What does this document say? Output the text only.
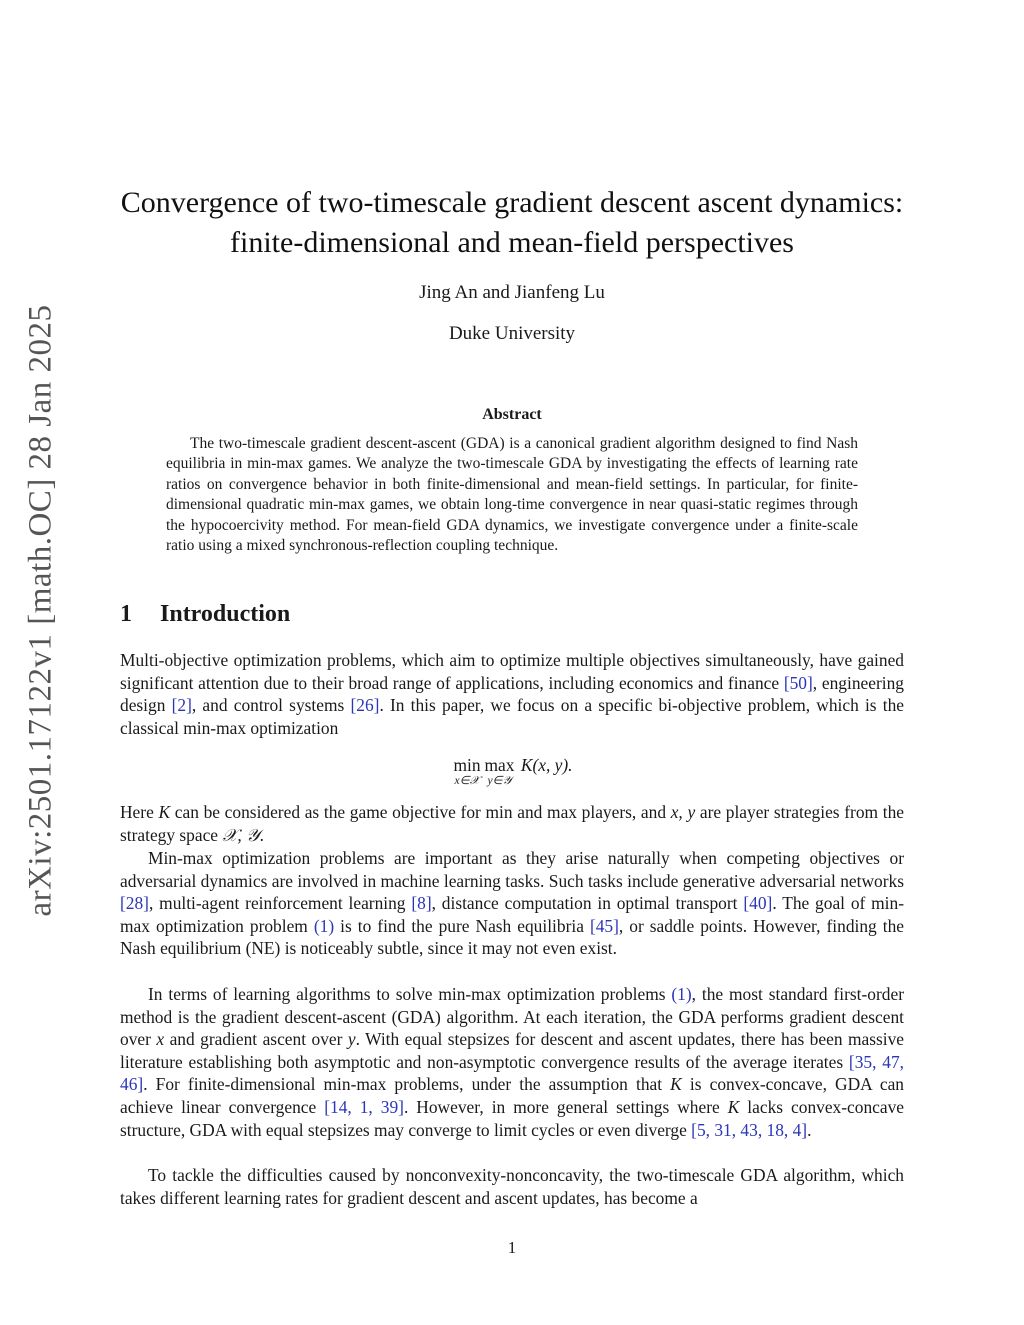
arXiv:2501.17122v1 [math.OC] 28 Jan 2025
Convergence of two-timescale gradient descent ascent dynamics:
finite-dimensional and mean-field perspectives
Jing An and Jianfeng Lu
Duke University
Abstract

The two-timescale gradient descent-ascent (GDA) is a canonical gradient algorithm designed to find Nash equilibria in min-max games. We analyze the two-timescale GDA by investigating the effects of learning rate ratios on convergence behavior in both finite-dimensional and mean-field settings. In particular, for finite-dimensional quadratic min-max games, we obtain long-time convergence in near quasi-static regimes through the hypocoercivity method. For mean-field GDA dynamics, we investigate convergence under a finite-scale ratio using a mixed synchronous-reflection coupling technique.

1 Introduction

Multi-objective optimization problems, which aim to optimize multiple objectives simultaneously, have gained significant attention due to their broad range of applications, including economics and finance [50], engineering design [2], and control systems [26]. In this paper, we focus on a specific bi-objective problem, which is the classical min-max optimization

min
x∈𝒳
max
y∈𝒴
K(x, y).

Here K can be considered as the game objective for min and max players, and x, y are player strategies from the strategy space 𝒳, 𝒴.

Min-max optimization problems are important as they arise naturally when competing objectives or adversarial dynamics are involved in machine learning tasks. Such tasks include generative adversarial networks [28], multi-agent reinforcement learning [8], distance computation in optimal transport [40]. The goal of min-max optimization problem (1) is to find the pure Nash equilibria [45], or saddle points. However, finding the Nash equilibrium (NE) is noticeably subtle, since it may not even exist.

In terms of learning algorithms to solve min-max optimization problems (1), the most standard first-order method is the gradient descent-ascent (GDA) algorithm. At each iteration, the GDA performs gradient descent over x and gradient ascent over y. With equal stepsizes for descent and ascent updates, there has been massive literature establishing both asymptotic and non-asymptotic convergence results of the average iterates [35, 47, 46]. For finite-dimensional min-max problems, under the assumption that K is convex-concave, GDA can achieve linear convergence [14, 1, 39]. However, in more general settings where K lacks convex-concave structure, GDA with equal stepsizes may converge to limit cycles or even diverge [5, 31, 43, 18, 4].

To tackle the difficulties caused by nonconvexity-nonconcavity, the two-timescale GDA algorithm, which takes different learning rates for gradient descent and ascent updates, has become a

1
